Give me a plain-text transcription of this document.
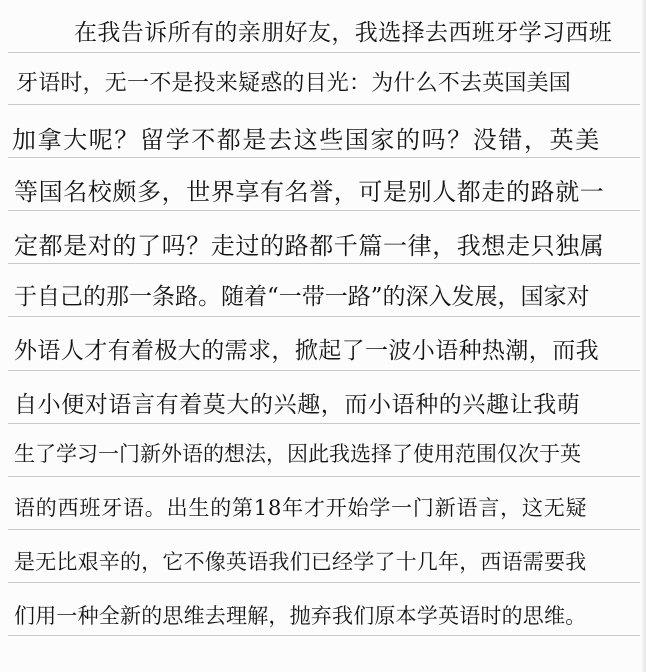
在我告诉所有的亲朋好友，我选择去西班牙学习西班
牙语时，无一不是投来疑惑的目光：为什么不去英国美国
加拿大呢？留学不都是去这些国家的吗？没错，英美
等国名校颇多，世界享有名誉，可是别人都走的路就一
定都是对的了吗？走过的路都千篇一律，我想走只独属
于自己的那一条路。随着“一带一路”的深入发展，国家对
外语人才有着极大的需求，掀起了一波小语种热潮，而我
自小便对语言有着莫大的兴趣，而小语种的兴趣让我萌
生了学习一门新外语的想法，因此我选择了使用范围仅次于英
语的西班牙语。出生的第18年才开始学一门新语言，这无疑
是无比艰辛的，它不像英语我们已经学了十几年，西语需要我
们用一种全新的思维去理解，抛弃我们原本学英语时的思维。
